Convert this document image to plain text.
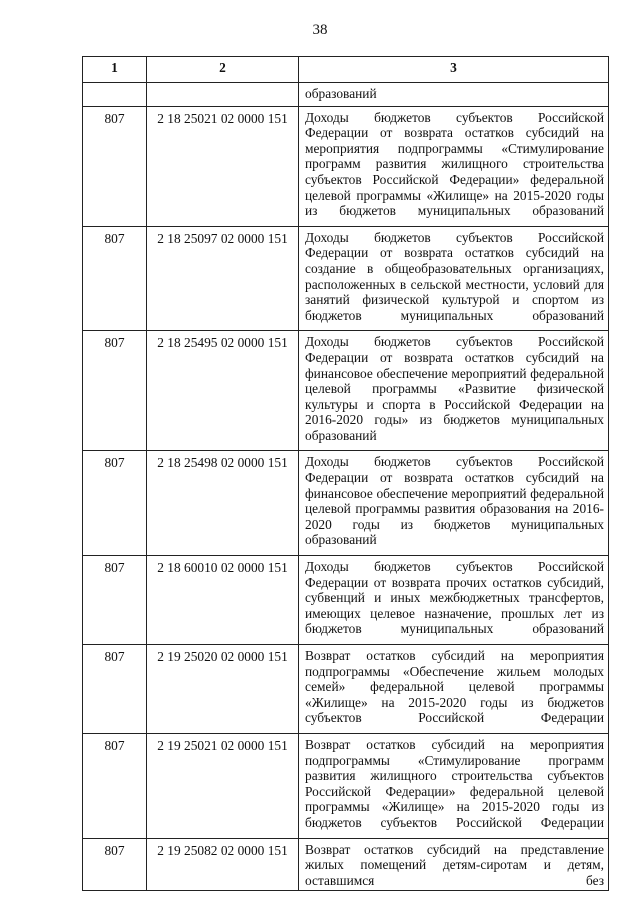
38
1	2	3
		образований
807	2 18 25021 02 0000 151	Доходы бюджетов субъектов Российской Федерации от возврата остатков субсидий на мероприятия подпрограммы «Стимулирование программ развития жилищного строительства субъектов Российской Федерации» федеральной целевой программы «Жилище» на 2015-2020 годы из бюджетов муниципальных образований
807	2 18 25097 02 0000 151	Доходы бюджетов субъектов Российской Федерации от возврата остатков субсидий на создание в общеобразовательных организациях, расположенных в сельской местности, условий для занятий физической культурой и спортом из бюджетов муниципальных образований
807	2 18 25495 02 0000 151	Доходы бюджетов субъектов Российской Федерации от возврата остатков субсидий на финансовое обеспечение мероприятий федеральной целевой программы «Развитие физической культуры и спорта в Российской Федерации на 2016-2020 годы» из бюджетов муниципальных образований
807	2 18 25498 02 0000 151	Доходы бюджетов субъектов Российской Федерации от возврата остатков субсидий на финансовое обеспечение мероприятий федеральной целевой программы развития образования на 2016-2020 годы из бюджетов муниципальных образований
807	2 18 60010 02 0000 151	Доходы бюджетов субъектов Российской Федерации от возврата прочих остатков субсидий, субвенций и иных межбюджетных трансфертов, имеющих целевое назначение, прошлых лет из бюджетов муниципальных образований
807	2 19 25020 02 0000 151	Возврат остатков субсидий на мероприятия подпрограммы «Обеспечение жильем молодых семей» федеральной целевой программы «Жилище» на 2015-2020 годы из бюджетов субъектов Российской Федерации
807	2 19 25021 02 0000 151	Возврат остатков субсидий на мероприятия подпрограммы «Стимулирование программ развития жилищного строительства субъектов Российской Федерации» федеральной целевой программы «Жилище» на 2015-2020 годы из бюджетов субъектов Российской Федерации
807	2 19 25082 02 0000 151	Возврат остатков субсидий на представление жилых помещений детям-сиротам и детям, оставшимся без
